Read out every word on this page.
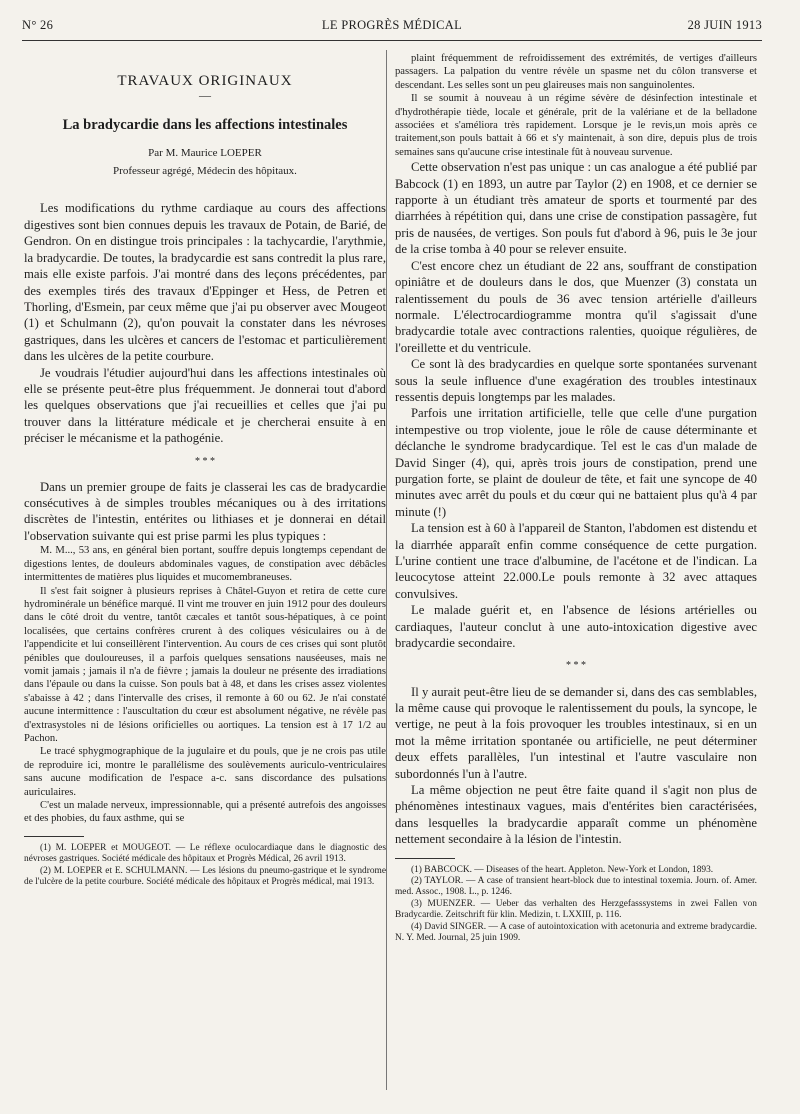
N° 26	LE PROGRÈS MÉDICAL	28 JUIN 1913
TRAVAUX ORIGINAUX
—
La bradycardie dans les affections intestinales
Par M. Maurice LOEPER
Professeur agrégé, Médecin des hôpitaux.

Les modifications du rythme cardiaque au cours des affections digestives sont bien connues depuis les travaux de Potain, de Barié, de Gendron. On en distingue trois principales : la tachycardie, l'arythmie, la bradycardie. De toutes, la bradycardie est sans contredit la plus rare, mais elle existe parfois. J'ai montré dans des leçons précédentes, par des exemples tirés des travaux d'Eppinger et Hess, de Petren et Thorling, d'Esmein, par ceux même que j'ai pu observer avec Mougeot (1) et Schulmann (2), qu'on pouvait la constater dans les névroses gastriques, dans les ulcères et cancers de l'estomac et particulièrement dans les ulcères de la petite courbure.

Je voudrais l'étudier aujourd'hui dans les affections intestinales où elle se présente peut-être plus fréquemment. Je donnerai tout d'abord les quelques observations que j'ai recueillies et celles que j'ai pu trouver dans la littérature médicale et je chercherai ensuite à en préciser le mécanisme et la pathogénie.

* * *

Dans un premier groupe de faits je classerai les cas de bradycardie consécutives à de simples troubles mécaniques ou à des irritations discrètes de l'intestin, entérites ou lithiases et je donnerai en détail l'observation suivante qui est prise parmi les plus typiques :

M. M..., 53 ans, en général bien portant, souffre depuis longtemps cependant de digestions lentes, de douleurs abdominales vagues, de constipation avec débâcles intermittentes de matières plus liquides et mucomembraneuses.

Il s'est fait soigner à plusieurs reprises à Châtel-Guyon et retira de cette cure hydrominérale un bénéfice marqué. Il vint me trouver en juin 1912 pour des douleurs dans le côté droit du ventre, tantôt cæcales et tantôt sous-hépatiques, à ce point localisées, que certains confrères crurent à des coliques vésiculaires ou à de l'appendicite et lui conseillèrent l'intervention. Au cours de ces crises qui sont plutôt pénibles que douloureuses, il a parfois quelques sensations nauséeuses, mais ne vomit jamais ; jamais il n'a de fièvre ; jamais la douleur ne présente des irradiations dans l'épaule ou dans la cuisse. Son pouls bat à 48, et dans les crises assez violentes s'abaisse à 42 ; dans l'intervalle des crises, il remonte à 60 ou 62. Je n'ai constaté aucune intermittence : l'auscultation du cœur est absolument négative, ne révèle pas d'extrasystoles ni de lésions orificielles ou aortiques. La tension est à 17 1/2 au Pachon.

Le tracé sphygmographique de la jugulaire et du pouls, que je ne crois pas utile de reproduire ici, montre le parallélisme des soulèvements auriculo-ventriculaires sans aucune modification de l'espace a-c. sans discordance des pulsations auriculaires.

C'est un malade nerveux, impressionnable, qui a présenté autrefois des angoisses et des phobies, du faux asthme, qui se

(1) M. LOEPER et MOUGEOT. — Le réflexe oculocardiaque dans le diagnostic des névroses gastriques. Société médicale des hôpitaux et Progrès Médical, 26 avril 1913.

(2) M. LOEPER et E. SCHULMANN. — Les lésions du pneumo-gastrique et le syndrome de l'ulcère de la petite courbure. Société médicale des hôpitaux et Progrès médical, mai 1913.

plaint fréquemment de refroidissement des extrémités, de vertiges d'ailleurs passagers. La palpation du ventre révèle un spasme net du côlon transverse et descendant. Les selles sont un peu glaireuses mais non sanguinolentes.

Il se soumit à nouveau à un régime sévère de désinfection intestinale et d'hydrothérapie tiède, locale et générale, prit de la valériane et de la belladone associées et s'améliora très rapidement. Lorsque je le revis,un mois après ce traitement,son pouls battait à 66 et s'y maintenait, à son dire, depuis plus de trois semaines sans qu'aucune crise intestinale fût à nouveau survenue.

Cette observation n'est pas unique : un cas analogue a été publié par Babcock (1) en 1893, un autre par Taylor (2) en 1908, et ce dernier se rapporte à un étudiant très amateur de sports et tourmenté par des diarrhées à répétition qui, dans une crise de constipation passagère, fut pris de nausées, de vertiges. Son pouls fut d'abord à 96, puis le 3e jour de la crise tomba à 40 pour se relever ensuite.

C'est encore chez un étudiant de 22 ans, souffrant de constipation opiniâtre et de douleurs dans le dos, que Muenzer (3) constata un ralentissement du pouls de 36 avec tension artérielle d'ailleurs normale. L'électrocardiogramme montra qu'il s'agissait d'une bradycardie totale avec contractions ralenties, quoique régulières, de l'oreillette et du ventricule.

Ce sont là des bradycardies en quelque sorte spontanées survenant sous la seule influence d'une exagération des troubles intestinaux ressentis depuis longtemps par les malades.

Parfois une irritation artificielle, telle que celle d'une purgation intempestive ou trop violente, joue le rôle de cause déterminante et déclanche le syndrome bradycardique. Tel est le cas d'un malade de David Singer (4), qui, après trois jours de constipation, prend une purgation forte, se plaint de douleur de tête, et fait une syncope de 40 minutes avec arrêt du pouls et du cœur qui ne battaient plus qu'à 4 par minute (!)

La tension est à 60 à l'appareil de Stanton, l'abdomen est distendu et la diarrhée apparaît enfin comme conséquence de cette purgation. L'urine contient une trace d'albumine, de l'acétone et de l'indican. La leucocytose atteint 22.000.Le pouls remonte à 32 avec attaques convulsives.

Le malade guérit et, en l'absence de lésions artérielles ou cardiaques, l'auteur conclut à une auto-intoxication digestive avec bradycardie secondaire.

* * *

Il y aurait peut-être lieu de se demander si, dans des cas semblables, la même cause qui provoque le ralentissement du pouls, la syncope, le vertige, ne peut à la fois provoquer les troubles intestinaux, si en un mot la même irritation spontanée ou artificielle, ne peut déterminer deux effets parallèles, l'un intestinal et l'autre vasculaire non subordonnés l'un à l'autre.

La même objection ne peut être faite quand il s'agit non plus de phénomènes intestinaux vagues, mais d'entérites bien caractérisées, dans lesquelles la bradycardie apparaît comme un phénomène nettement secondaire à la lésion de l'intestin.

(1) BABCOCK. — Diseases of the heart. Appleton. New-York et London, 1893.

(2) TAYLOR. — A case of transient heart-block due to intestinal toxemia. Journ. of. Amer. med. Assoc., 1908. L., p. 1246.

(3) MUENZER. — Ueber das verhalten des Herzgefasssystems in zwei Fallen von Bradycardie. Zeitschrift für klin. Medizin, t. LXXIII, p. 116.

(4) David SINGER. — A case of autointoxication with acetonuria and extreme bradycardie. N. Y. Med. Journal, 25 juin 1909.
